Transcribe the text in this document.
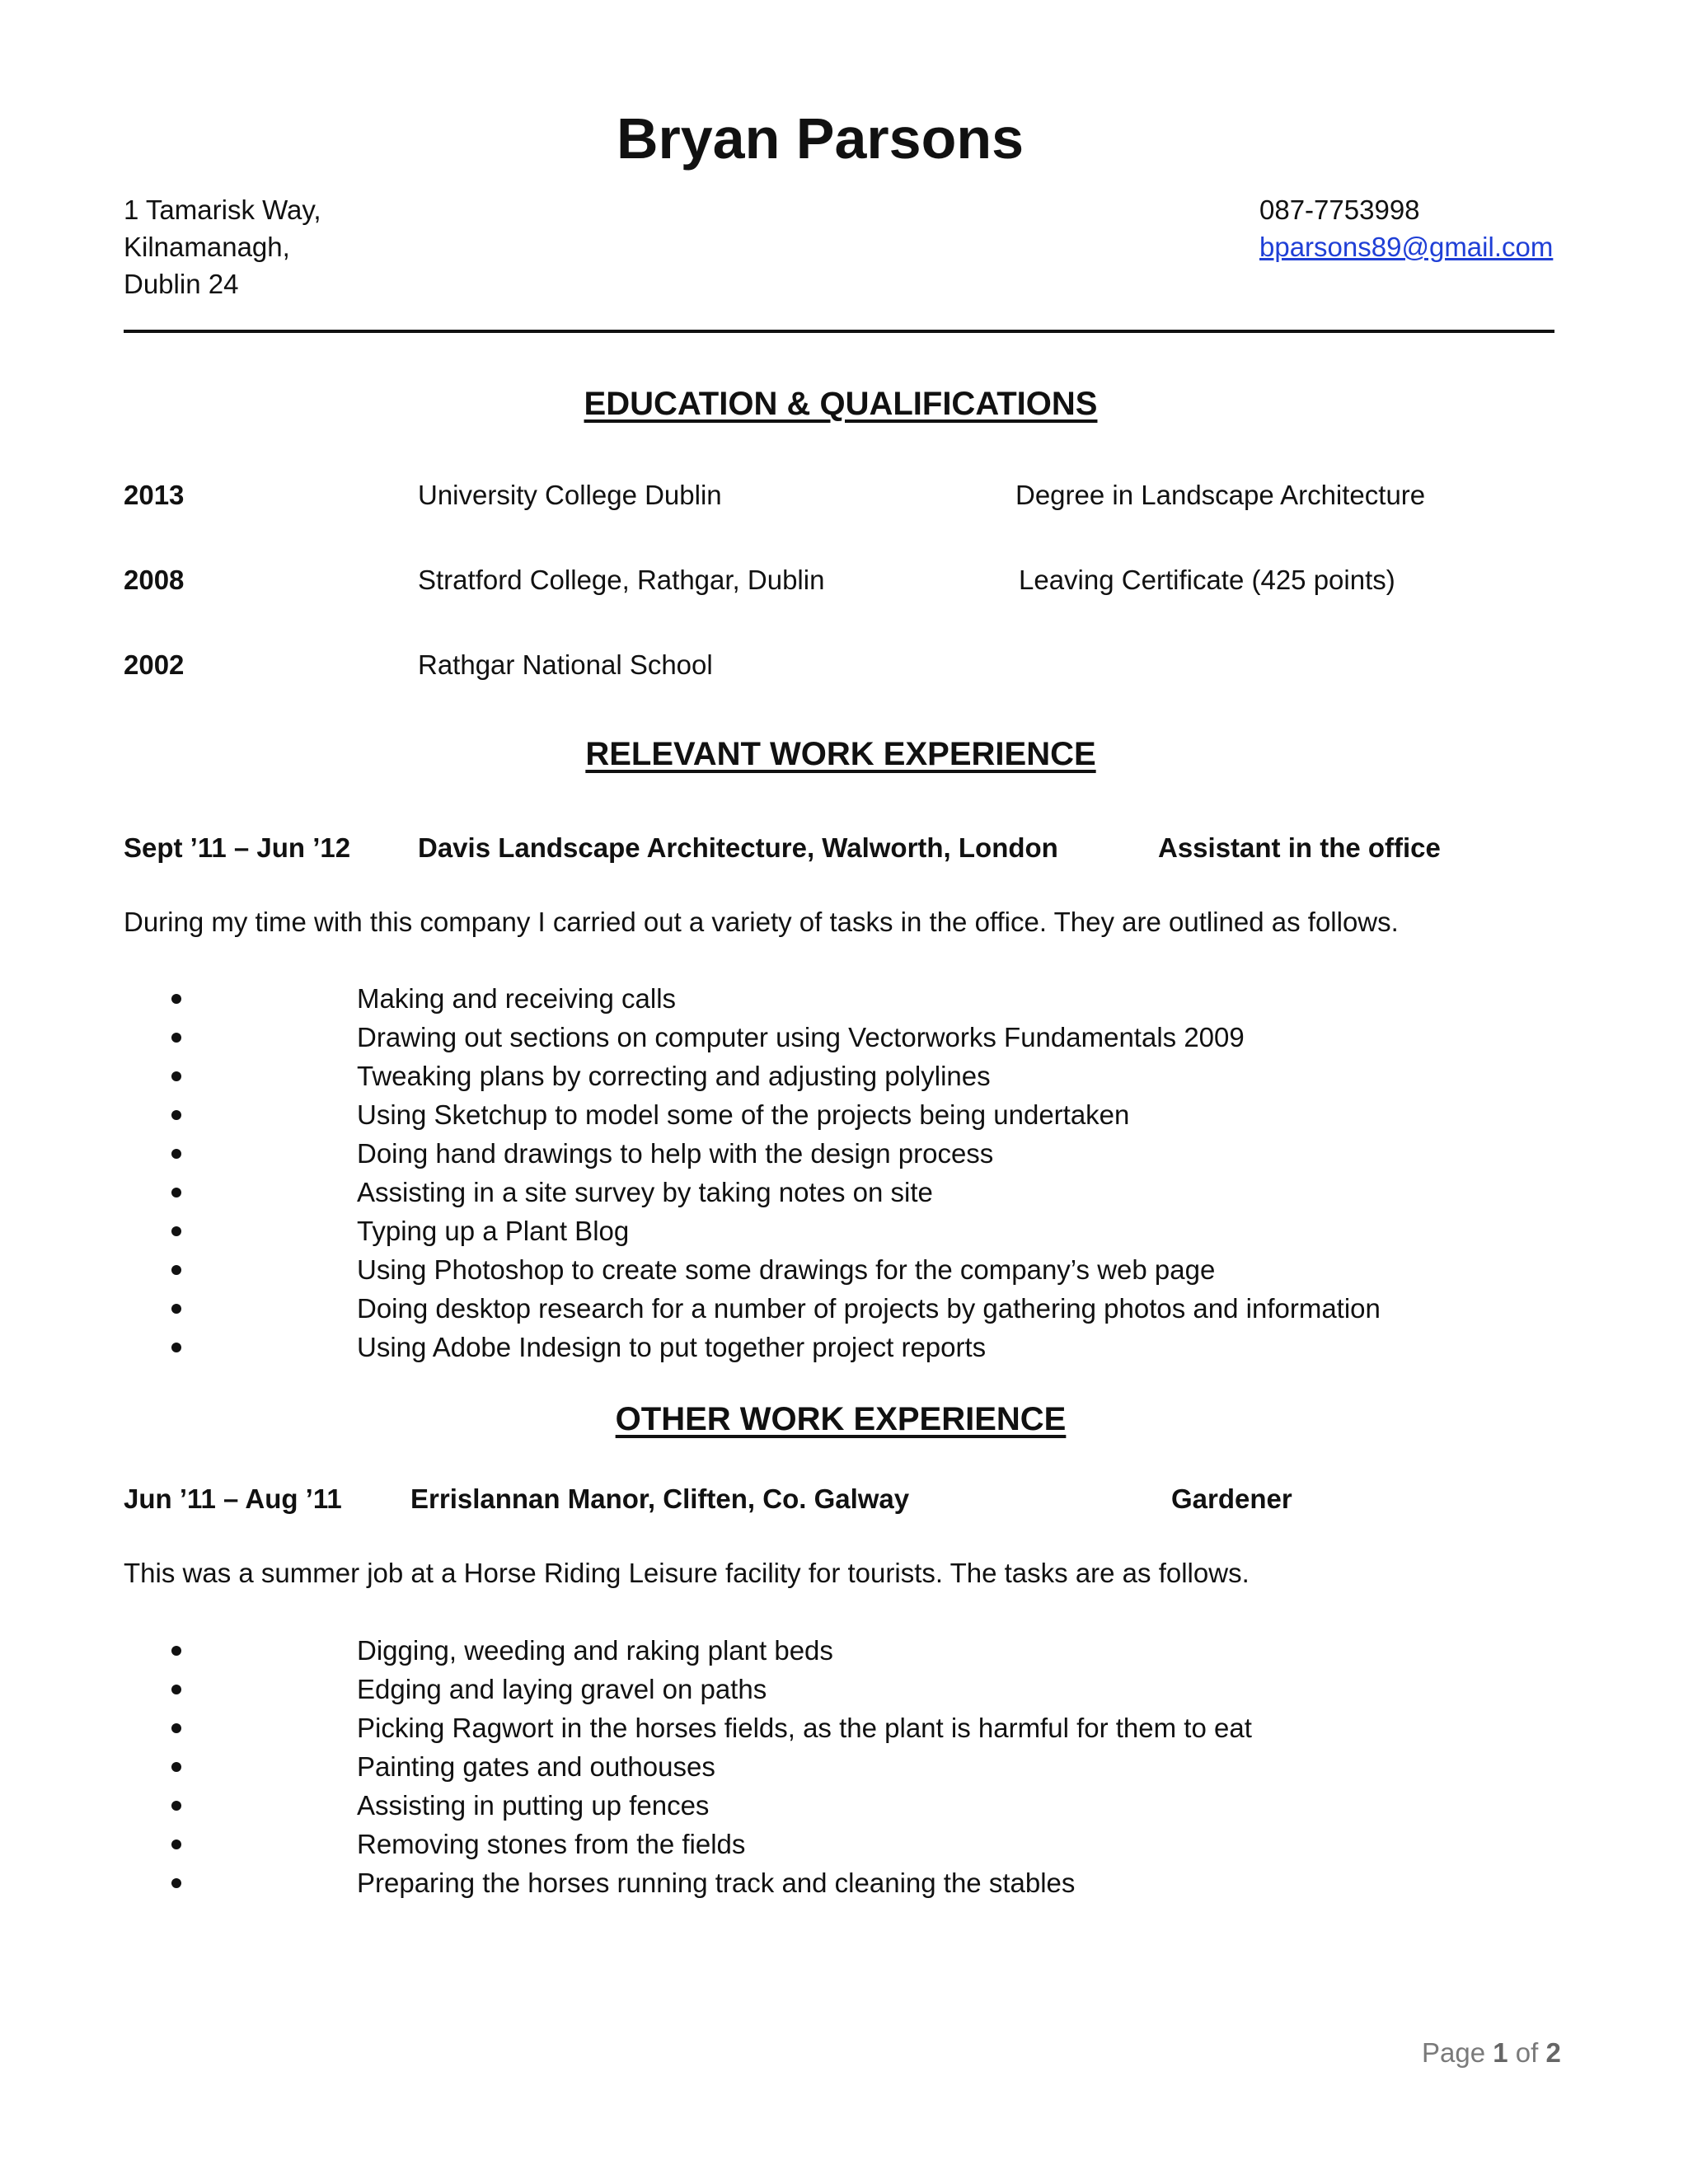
Bryan Parsons
1 Tamarisk Way,
Kilnamanagh,
Dublin 24
087-7753998
bparsons89@gmail.com
EDUCATION & QUALIFICATIONS
2013	University College Dublin	Degree in Landscape Architecture
2008	Stratford College, Rathgar, Dublin	Leaving Certificate (425 points)
2002	Rathgar National School
RELEVANT WORK EXPERIENCE
Sept ’11 – Jun ’12 Davis Landscape Architecture, Walworth, London	Assistant in the office
During my time with this company I carried out a variety of tasks in the office. They are outlined as follows.
Making and receiving calls
Drawing out sections on computer using Vectorworks Fundamentals 2009
Tweaking plans by correcting and adjusting polylines
Using Sketchup to model some of the projects being undertaken
Doing hand drawings to help with the design process
Assisting in a site survey by taking notes on site
Typing up a Plant Blog
Using Photoshop to create some drawings for the company’s web page
Doing desktop research for a number of projects by gathering photos and information
Using Adobe Indesign to put together project reports
OTHER WORK EXPERIENCE
Jun ’11 – Aug ’11	Errislannan Manor, Cliften, Co. Galway	Gardener
This was a summer job at a Horse Riding Leisure facility for tourists. The tasks are as follows.
Digging, weeding and raking plant beds
Edging and laying gravel on paths
Picking Ragwort in the horses fields, as the plant is harmful for them to eat
Painting gates and outhouses
Assisting in putting up fences
Removing stones from the fields
Preparing the horses running track and cleaning the stables
Page 1 of 2
